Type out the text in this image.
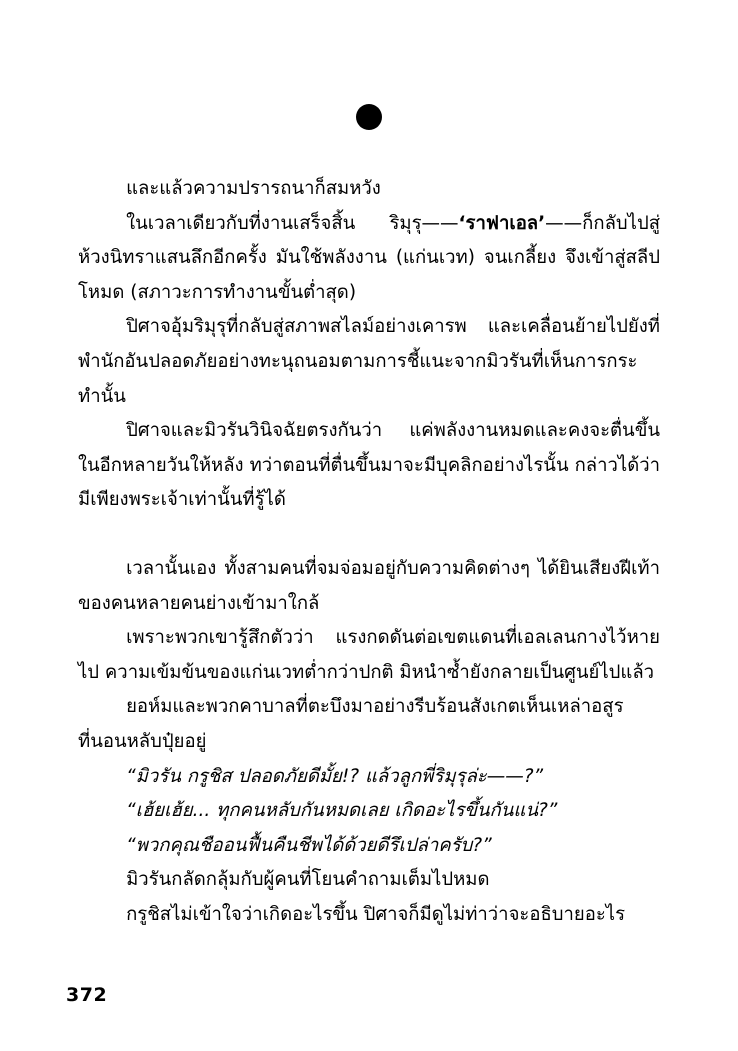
และแล้วความปรารถนาก็สมหวัง

ในเวลาเดียวกับที่งานเสร็จสิ้น ริมุรุ——‘ราฟาเอล’——ก็กลับไปสู่ห้วงนิทราแสนลึกอีกครั้ง มันใช้พลังงาน (แก่นเวท) จนเกลี้ยง จึงเข้าสู่สลีปโหมด (สภาวะการทำงานขั้นต่ำสุด)

ปิศาจอุ้มริมุรุที่กลับสู่สภาพสไลม์อย่างเคารพ และเคลื่อนย้ายไปยังที่พำนักอันปลอดภัยอย่างทะนุถนอมตามการชี้แนะจากมิวรันที่เห็นการกระทำนั้น

ปิศาจและมิวรันวินิจฉัยตรงกันว่า แค่พลังงานหมดและคงจะตื่นขึ้นในอีกหลายวันให้หลัง ทว่าตอนที่ตื่นขึ้นมาจะมีบุคลิกอย่างไรนั้น กล่าวได้ว่ามีเพียงพระเจ้าเท่านั้นที่รู้ได้

เวลานั้นเอง ทั้งสามคนที่จมจ่อมอยู่กับความคิดต่างๆ ได้ยินเสียงฝีเท้าของคนหลายคนย่างเข้ามาใกล้

เพราะพวกเขารู้สึกตัวว่า แรงกดดันต่อเขตแดนที่เอลเลนกางไว้หายไป ความเข้มข้นของแก่นเวทต่ำกว่าปกติ มิหนำซ้ำยังกลายเป็นศูนย์ไปแล้ว

ยอห์มและพวกคาบาลที่ตะบึงมาอย่างรีบร้อนสังเกตเห็นเหล่าอสูรที่นอนหลับปุ๋ยอยู่

“มิวรัน กรูชิส ปลอดภัยดีมั้ย!? แล้วลูกพี่ริมุรุล่ะ——?”

“เฮ้ยเฮ้ย... ทุกคนหลับกันหมดเลย เกิดอะไรขึ้นกันแน่?”

“พวกคุณชืออนฟื้นคืนชีพได้ด้วยดีรึเปล่าครับ?”

มิวรันกลัดกลุ้มกับผู้คนที่โยนคำถามเต็มไปหมด

กรูชิสไม่เข้าใจว่าเกิดอะไรขึ้น ปิศาจก็มีดูไม่ท่าว่าจะอธิบายอะไร

372
